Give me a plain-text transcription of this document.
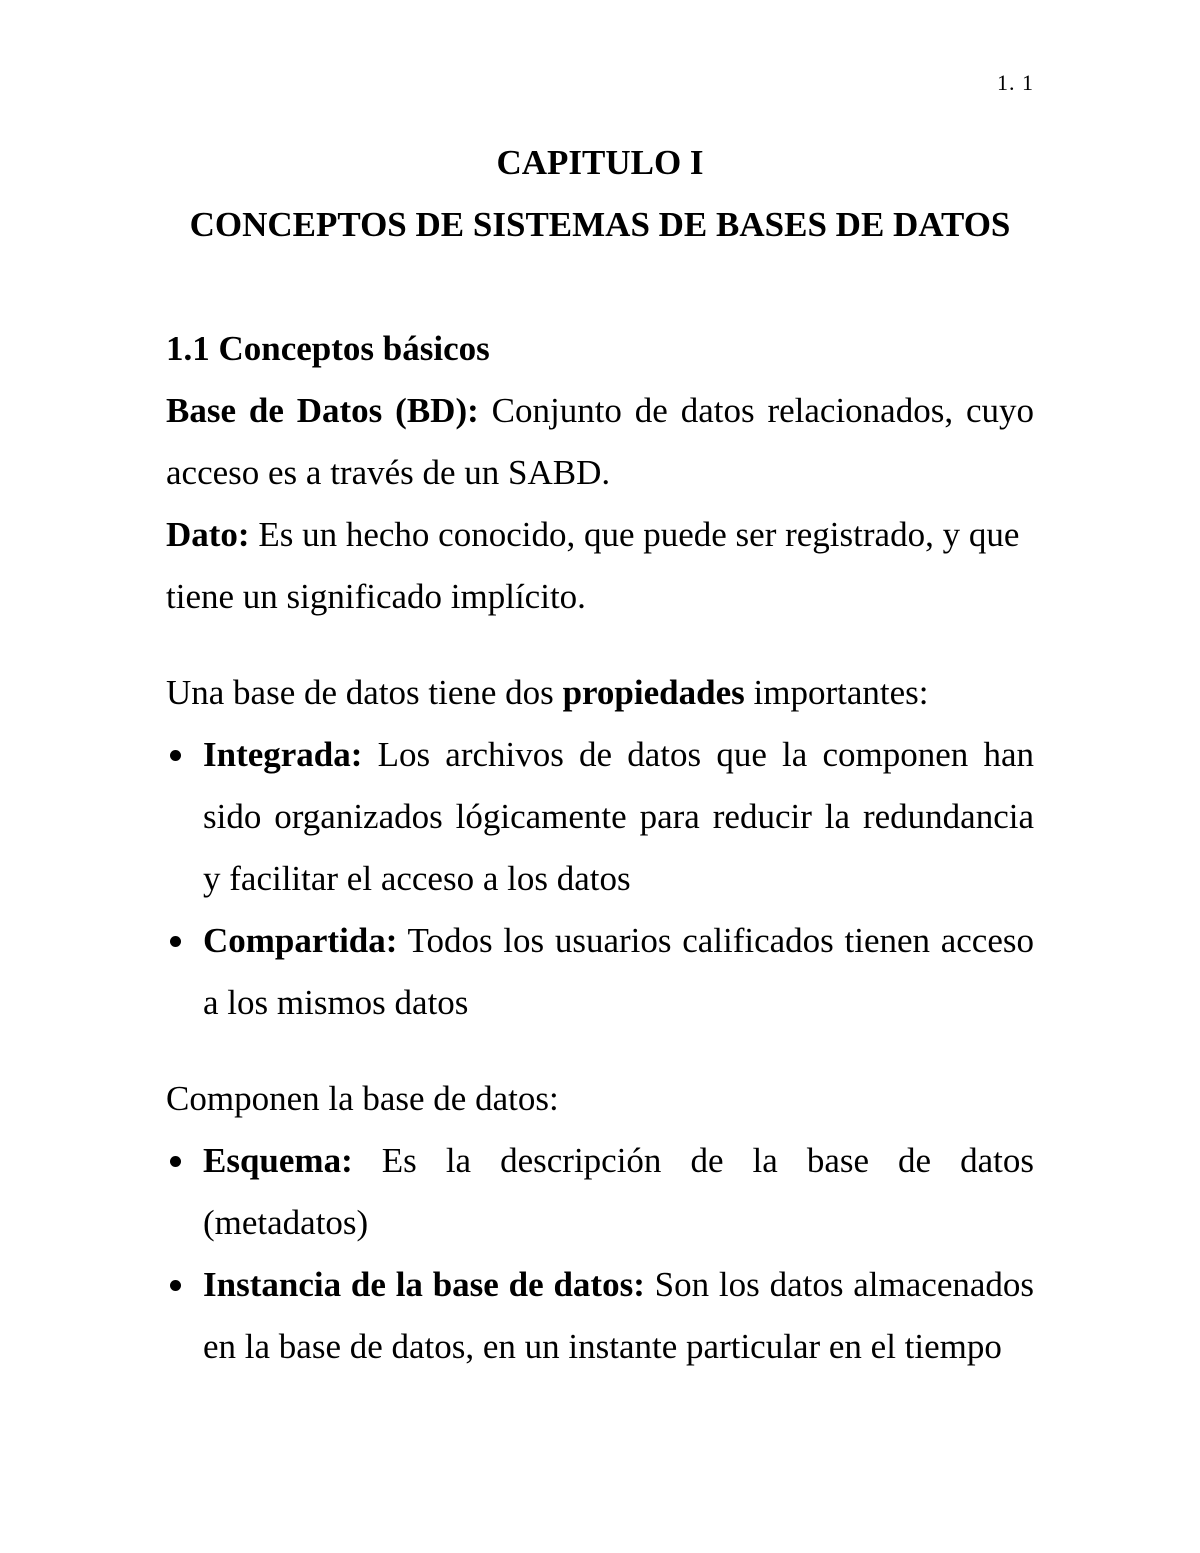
1. 1
CAPITULO I
CONCEPTOS DE SISTEMAS DE BASES DE DATOS
1.1 Conceptos básicos

Base de Datos (BD): Conjunto de datos relacionados, cuyo acceso es a través de un SABD.

Dato: Es un hecho conocido, que puede ser registrado, y que tiene un significado implícito.

Una base de datos tiene dos propiedades importantes:

Integrada: Los archivos de datos que la componen han sido organizados lógicamente para reducir la redundancia y facilitar el acceso a los datos
Compartida: Todos los usuarios calificados tienen acceso a los mismos datos

Componen la base de datos:

Esquema: Es la descripción de la base de datos (metadatos)
Instancia de la base de datos: Son los datos almacenados en la base de datos, en un instante particular en el tiempo
